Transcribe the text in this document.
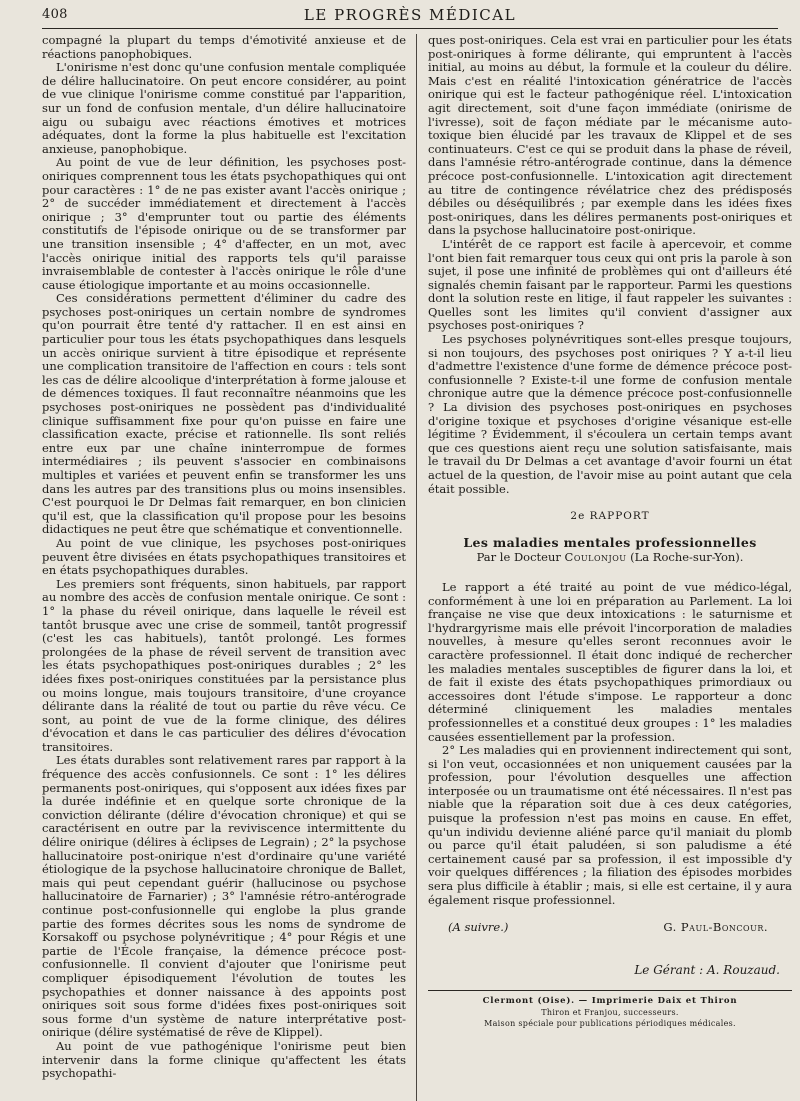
408	LE PROGRÈS MÉDICAL

compagné la plupart du temps d'émotivité anxieuse et de réactions panophobiques.

L'onirisme n'est donc qu'une confusion mentale compliquée de délire hallucinatoire. On peut encore considérer, au point de vue clinique l'onirisme comme constitué par l'apparition, sur un fond de confusion mentale, d'un délire hallucinatoire aigu ou subaigu avec réactions émotives et motrices adéquates, dont la forme la plus habituelle est l'excitation anxieuse, panophobique.

Au point de vue de leur définition, les psychoses post-oniriques comprennent tous les états psychopathiques qui ont pour caractères : 1° de ne pas exister avant l'accès onirique ; 2° de succéder immédiatement et directement à l'accès onirique ; 3° d'emprunter tout ou partie des éléments constitutifs de l'épisode onirique ou de se transformer par une transition insensible ; 4° d'affecter, en un mot, avec l'accès onirique initial des rapports tels qu'il paraisse invraisemblable de contester à l'accès onirique le rôle d'une cause étiologique importante et au moins occasionnelle.

Ces considérations permettent d'éliminer du cadre des psychoses post-oniriques un certain nombre de syndromes qu'on pourrait être tenté d'y rattacher. Il en est ainsi en particulier pour tous les états psychopathiques dans lesquels un accès onirique survient à titre épisodique et représente une complication transitoire de l'affection en cours : tels sont les cas de délire alcoolique d'interprétation à forme jalouse et de démences toxiques. Il faut reconnaître néanmoins que les psychoses post-oniriques ne possèdent pas d'individualité clinique suffisamment fixe pour qu'on puisse en faire une classification exacte, précise et rationnelle. Ils sont reliés entre eux par une chaîne ininterrompue de formes intermédiaires ; ils peuvent s'associer en combinaisons multiples et variées et peuvent enfin se transformer les uns dans les autres par des transitions plus ou moins insensibles. C'est pourquoi le Dr Delmas fait remarquer, en bon clinicien qu'il est, que la classification qu'il propose pour les besoins didactiques ne peut être que schématique et conventionnelle.

Au point de vue clinique, les psychoses post-oniriques peuvent être divisées en états psychopathiques transitoires et en états psychopathiques durables.

Les premiers sont fréquents, sinon habituels, par rapport au nombre des accès de confusion mentale onirique. Ce sont : 1° la phase du réveil onirique, dans laquelle le réveil est tantôt brusque avec une crise de sommeil, tantôt progressif (c'est les cas habituels), tantôt prolongé. Les formes prolongées de la phase de réveil servent de transition avec les états psychopathiques post-oniriques durables ; 2° les idées fixes post-oniriques constituées par la persistance plus ou moins longue, mais toujours transitoire, d'une croyance délirante dans la réalité de tout ou partie du rêve vécu. Ce sont, au point de vue de la forme clinique, des délires d'évocation et dans le cas particulier des délires d'évocation transitoires.

Les états durables sont relativement rares par rapport à la fréquence des accès confusionnels. Ce sont : 1° les délires permanents post-oniriques, qui s'opposent aux idées fixes par la durée indéfinie et en quelque sorte chronique de la conviction délirante (délire d'évocation chronique) et qui se caractérisent en outre par la reviviscence intermittente du délire onirique (délires à éclipses de Legrain) ; 2° la psychose hallucinatoire post-onirique n'est d'ordinaire qu'une variété étiologique de la psychose hallucinatoire chronique de Ballet, mais qui peut cependant guérir (hallucinose ou psychose hallucinatoire de Farnarier) ; 3° l'amnésie rétro-antérograde continue post-confusionnelle qui englobe la plus grande partie des formes décrites sous les noms de syndrome de Korsakoff ou psychose polynévritique ; 4° pour Régis et une partie de l'École française, la démence précoce post-confusionnelle. Il convient d'ajouter que l'onirisme peut compliquer épisodiquement l'évolution de toutes les psychopathies et donner naissance à des appoints post oniriques soit sous forme d'idées fixes post-oniriques soit sous forme d'un système de nature interprétative post-onirique (délire systématisé de rêve de Klippel).

Au point de vue pathogénique l'onirisme peut bien intervenir dans la forme clinique qu'affectent les états psychopathi-

ques post-oniriques. Cela est vrai en particulier pour les états post-oniriques à forme délirante, qui empruntent à l'accès initial, au moins au début, la formule et la couleur du délire. Mais c'est en réalité l'intoxication génératrice de l'accès onirique qui est le facteur pathogénique réel. L'intoxication agit directement, soit d'une façon immédiate (onirisme de l'ivresse), soit de façon médiate par le mécanisme auto-toxique bien élucidé par les travaux de Klippel et de ses continuateurs. C'est ce qui se produit dans la phase de réveil, dans l'amnésie rétro-antérograde continue, dans la démence précoce post-confusionnelle. L'intoxication agit directement au titre de contingence révélatrice chez des prédisposés débiles ou déséquilibrés ; par exemple dans les idées fixes post-oniriques, dans les délires permanents post-oniriques et dans la psychose hallucinatoire post-onirique.

L'intérêt de ce rapport est facile à apercevoir, et comme l'ont bien fait remarquer tous ceux qui ont pris la parole à son sujet, il pose une infinité de problèmes qui ont d'ailleurs été signalés chemin faisant par le rapporteur. Parmi les questions dont la solution reste en litige, il faut rappeler les suivantes : Quelles sont les limites qu'il convient d'assigner aux psychoses post-oniriques ?

Les psychoses polynévritiques sont-elles presque toujours, si non toujours, des psychoses post oniriques ? Y a-t-il lieu d'admettre l'existence d'une forme de démence précoce post-confusionnelle ? Existe-t-il une forme de confusion mentale chronique autre que la démence précoce post-confusionnelle ? La division des psychoses post-oniriques en psychoses d'origine toxique et psychoses d'origine vésanique est-elle légitime ? Évidemment, il s'écoulera un certain temps avant que ces questions aient reçu une solution satisfaisante, mais le travail du Dr Delmas a cet avantage d'avoir fourni un état actuel de la question, de l'avoir mise au point autant que cela était possible.

2e RAPPORT

Les maladies mentales professionnelles

Par le Docteur Coulonjou (La Roche-sur-Yon).

Le rapport a été traité au point de vue médico-légal, conformément à une loi en préparation au Parlement. La loi française ne vise que deux intoxications : le saturnisme et l'hydrargyrisme mais elle prévoit l'incorporation de maladies nouvelles, à mesure qu'elles seront reconnues avoir le caractère professionnel. Il était donc indiqué de rechercher les maladies mentales susceptibles de figurer dans la loi, et de fait il existe des états psychopathiques primordiaux ou accessoires dont l'étude s'impose. Le rapporteur a donc déterminé cliniquement les maladies mentales professionnelles et a constitué deux groupes : 1° les maladies causées essentiellement par la profession.

2° Les maladies qui en proviennent indirectement qui sont, si l'on veut, occasionnées et non uniquement causées par la profession, pour l'évolution desquelles une affection interposée ou un traumatisme ont été nécessaires. Il n'est pas niable que la réparation soit due à ces deux catégories, puisque la profession n'est pas moins en cause. En effet, qu'un individu devienne aliéné parce qu'il maniait du plomb ou parce qu'il était paludéen, si son paludisme a été certainement causé par sa profession, il est impossible d'y voir quelques différences ; la filiation des épisodes morbides sera plus difficile à établir ; mais, si elle est certaine, il y aura également risque professionnel.

(A suivre.)	G. Paul-Boncour.
Le Gérant : A. Rouzaud.
Clermont (Oise). — Imprimerie Daix et Thiron
Thiron et Franjou, successeurs.
Maison spéciale pour publications périodiques médicales.
